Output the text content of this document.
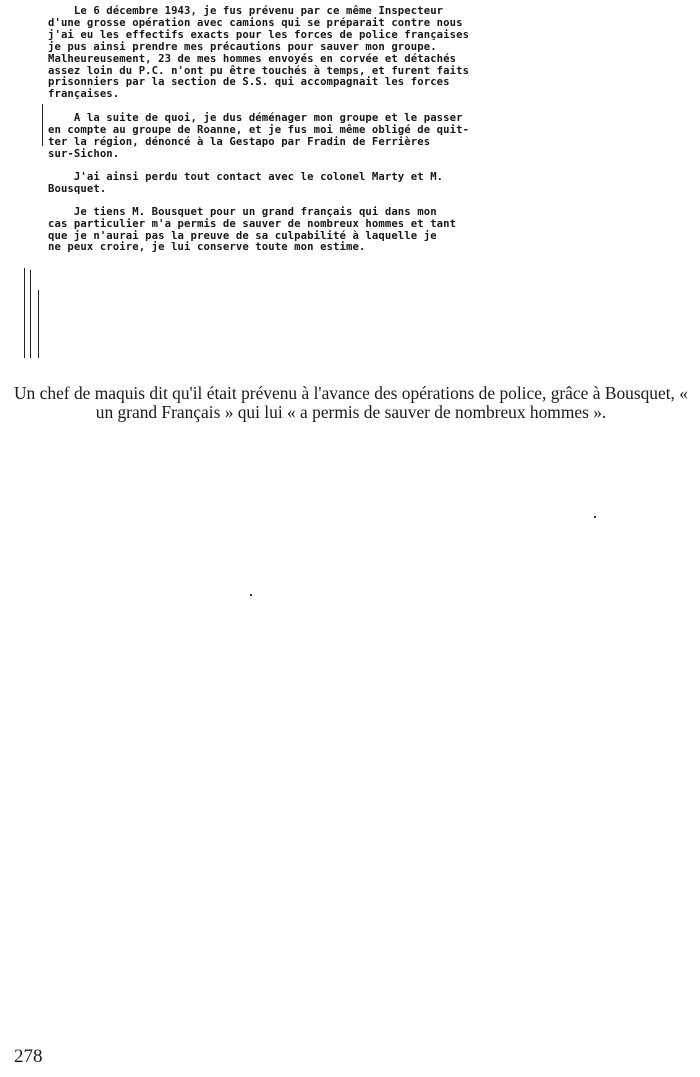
Le 6 décembre 1943, je fus prévenu par ce même Inspecteur

d'une grosse opération avec camions qui se préparait contre nous

j'ai eu les effectifs exacts pour les forces de police françaises

je pus ainsi prendre mes précautions pour sauver mon groupe.

Malheureusement, 23 de mes hommes envoyés en corvée et détachés

assez loin du P.C. n'ont pu être touchés à temps, et furent faits

prisonniers par la section de S.S. qui accompagnait les forces

françaises.

A la suite de quoi, je dus déménager mon groupe et le passer

en compte au groupe de Roanne, et je fus moi même obligé de quit-

ter la région, dénoncé à la Gestapo par Fradin de Ferrières

sur-Sichon.

J'ai ainsi perdu tout contact avec le colonel Marty et M.

Bousquet.

Je tiens M. Bousquet pour un grand français qui dans mon

cas particulier m'a permis de sauver de nombreux hommes et tant

que je n'aurai pas la preuve de sa culpabilité à laquelle je

ne peux croire, je lui conserve toute mon estime.

Un chef de maquis dit qu'il était prévenu à l'avance des opérations de police, grâce à Bousquet, « un grand Français » qui lui « a permis de sauver de nombreux hommes ».
278
